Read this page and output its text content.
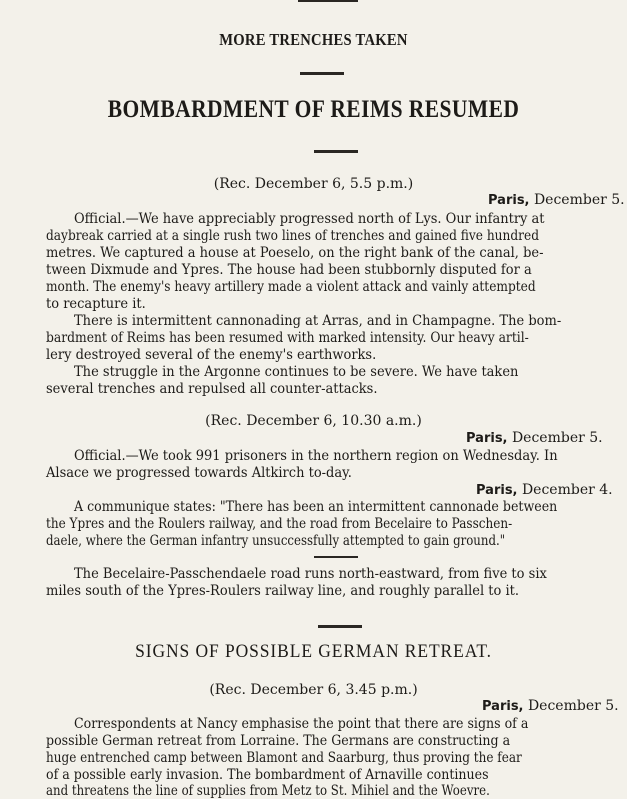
MORE TRENCHES TAKEN
BOMBARDMENT OF REIMS RESUMED
(Rec. December 6, 5.5 p.m.)
Paris, December 5.
Official.—We have appreciably progressed north of Lys. Our infantry at
daybreak carried at a single rush two lines of trenches and gained five hundred
metres. We captured a house at Poeselo, on the right bank of the canal, be-
tween Dixmude and Ypres. The house had been stubbornly disputed for a
month. The enemy's heavy artillery made a violent attack and vainly attempted
to recapture it.
There is intermittent cannonading at Arras, and in Champagne. The bom-
bardment of Reims has been resumed with marked intensity. Our heavy artil-
lery destroyed several of the enemy's earthworks.
The struggle in the Argonne continues to be severe. We have taken
several trenches and repulsed all counter-attacks.
(Rec. December 6, 10.30 a.m.)
Paris, December 5.
Official.—We took 991 prisoners in the northern region on Wednesday. In
Alsace we progressed towards Altkirch to-day.
Paris, December 4.
A communique states: "There has been an intermittent cannonade between
the Ypres and the Roulers railway, and the road from Becelaire to Passchen-
daele, where the German infantry unsuccessfully attempted to gain ground."
The Becelaire-Passchendaele road runs north-eastward, from five to six
miles south of the Ypres-Roulers railway line, and roughly parallel to it.
SIGNS OF POSSIBLE GERMAN RETREAT.
(Rec. December 6, 3.45 p.m.)
Paris, December 5.
Correspondents at Nancy emphasise the point that there are signs of a
possible German retreat from Lorraine. The Germans are constructing a
huge entrenched camp between Blamont and Saarburg, thus proving the fear
of a possible early invasion. The bombardment of Arnaville continues
and threatens the line of supplies from Metz to St. Mihiel and the Woevre.
